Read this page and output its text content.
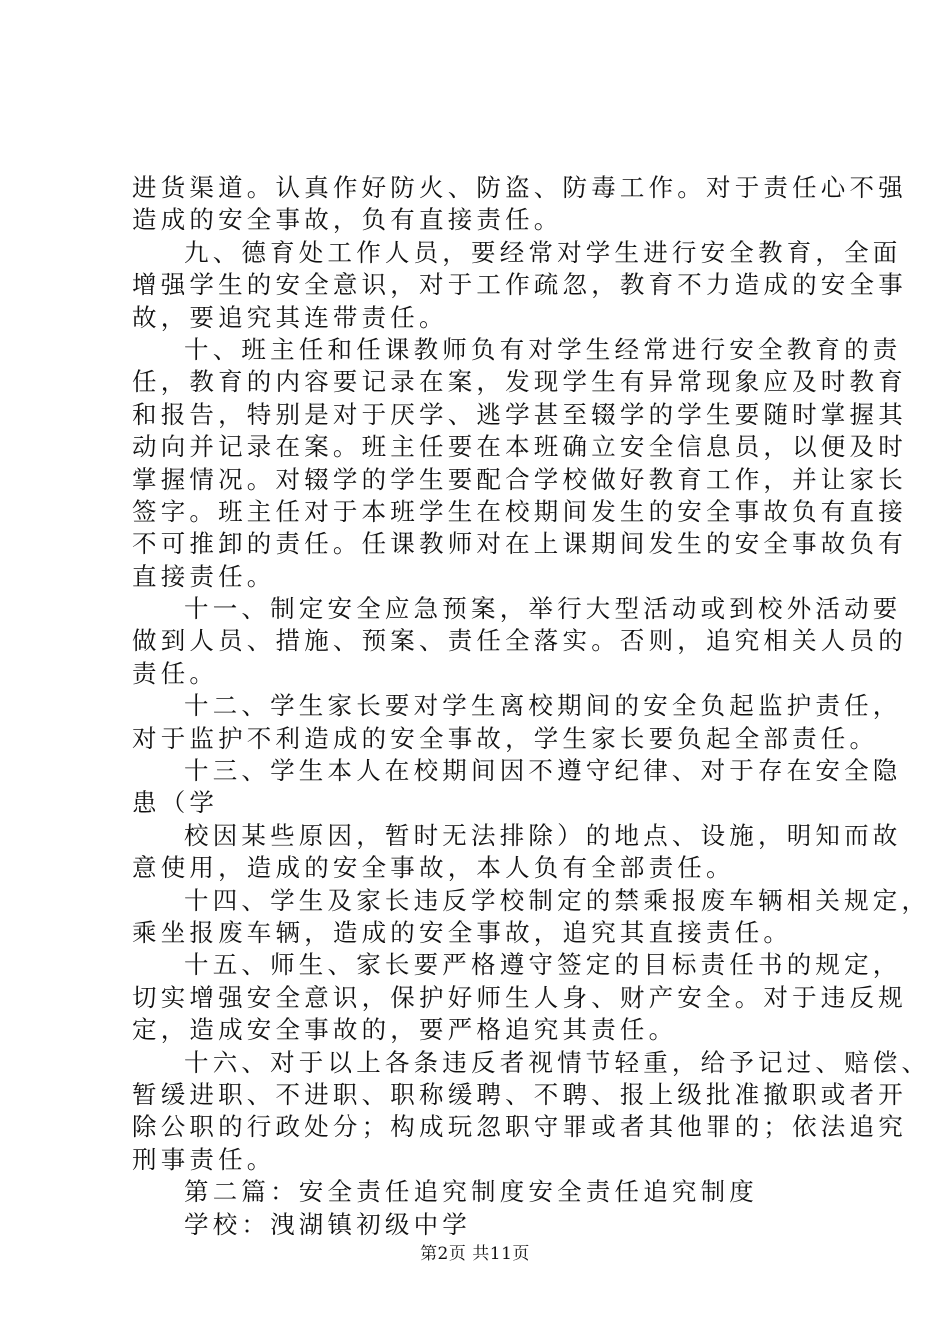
进货渠道。认真作好防火、防盗、防毒工作。对于责任心不强
造成的安全事故，负有直接责任。
九、德育处工作人员，要经常对学生进行安全教育，全面
增强学生的安全意识，对于工作疏忽，教育不力造成的安全事
故，要追究其连带责任。
十、班主任和任课教师负有对学生经常进行安全教育的责
任，教育的内容要记录在案，发现学生有异常现象应及时教育
和报告，特别是对于厌学、逃学甚至辍学的学生要随时掌握其
动向并记录在案。班主任要在本班确立安全信息员，以便及时
掌握情况。对辍学的学生要配合学校做好教育工作，并让家长
签字。班主任对于本班学生在校期间发生的安全事故负有直接
不可推卸的责任。任课教师对在上课期间发生的安全事故负有
直接责任。
十一、制定安全应急预案，举行大型活动或到校外活动要
做到人员、措施、预案、责任全落实。否则，追究相关人员的
责任。
十二、学生家长要对学生离校期间的安全负起监护责任，
对于监护不利造成的安全事故，学生家长要负起全部责任。
十三、学生本人在校期间因不遵守纪律、对于存在安全隐
患（学
校因某些原因，暂时无法排除）的地点、设施，明知而故
意使用，造成的安全事故，本人负有全部责任。
十四、学生及家长违反学校制定的禁乘报废车辆相关规定，
乘坐报废车辆，造成的安全事故，追究其直接责任。
十五、师生、家长要严格遵守签定的目标责任书的规定，
切实增强安全意识，保护好师生人身、财产安全。对于违反规
定，造成安全事故的，要严格追究其责任。
十六、对于以上各条违反者视情节轻重，给予记过、赔偿、
暂缓进职、不进职、职称缓聘、不聘、报上级批准撤职或者开
除公职的行政处分；构成玩忽职守罪或者其他罪的；依法追究
刑事责任。
第二篇：安全责任追究制度安全责任追究制度
学校：洩湖镇初级中学
第2页 共11页
